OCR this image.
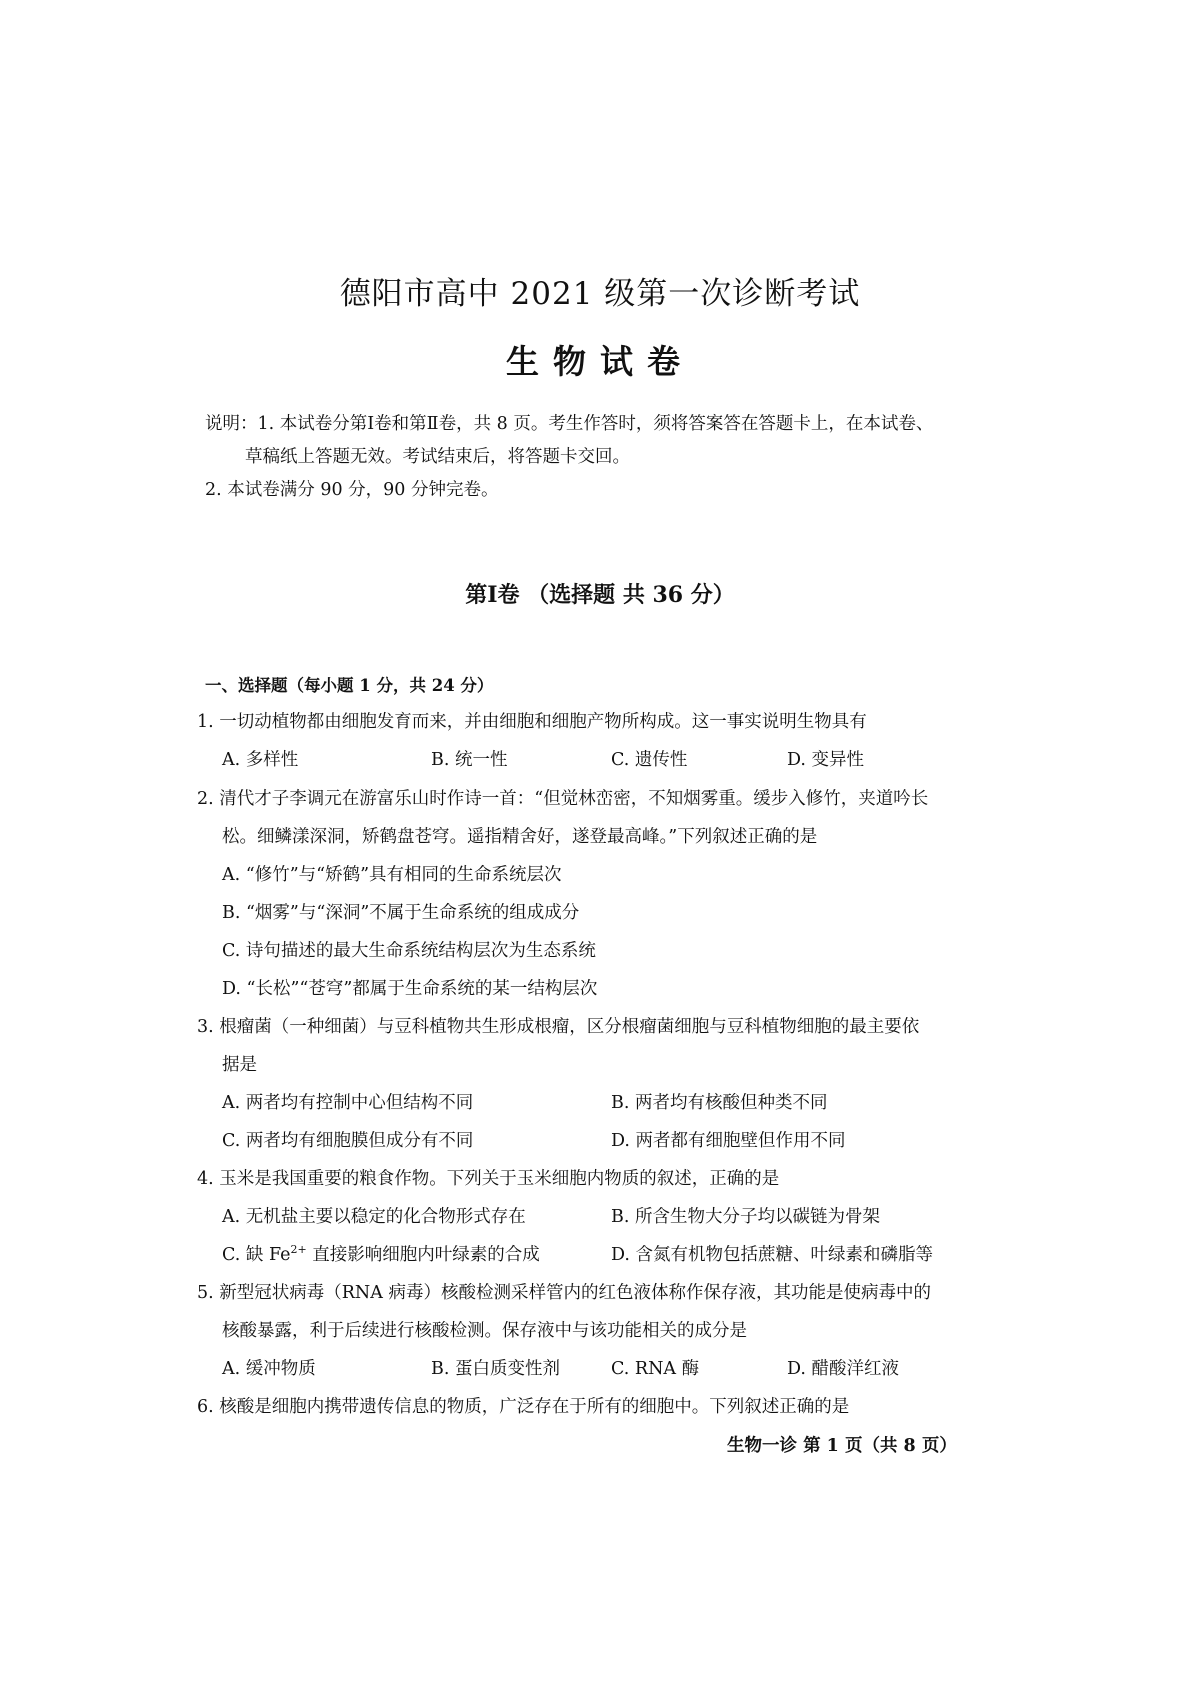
德阳市高中 2021 级第一次诊断考试
生物试卷
说明：1. 本试卷分第Ⅰ卷和第Ⅱ卷，共 8 页。考生作答时，须将答案答在答题卡上，在本试卷、
草稿纸上答题无效。考试结束后，将答题卡交回。
2. 本试卷满分 90 分，90 分钟完卷。
第Ⅰ卷 （选择题 共 36 分）
一、选择题（每小题 1 分，共 24 分）
1. 一切动植物都由细胞发育而来，并由细胞和细胞产物所构成。这一事实说明生物具有
A. 多样性	B. 统一性	C. 遗传性	D. 变异性
2. 清代才子李调元在游富乐山时作诗一首：“但觉林峦密，不知烟雾重。缓步入修竹，夹道吟长
松。细鳞漾深洞，矫鹤盘苍穹。遥指精舍好，遂登最高峰。”下列叙述正确的是
A. “修竹”与“矫鹤”具有相同的生命系统层次
B. “烟雾”与“深洞”不属于生命系统的组成成分
C. 诗句描述的最大生命系统结构层次为生态系统
D. “长松”“苍穹”都属于生命系统的某一结构层次
3. 根瘤菌（一种细菌）与豆科植物共生形成根瘤，区分根瘤菌细胞与豆科植物细胞的最主要依
据是
A. 两者均有控制中心但结构不同	B. 两者均有核酸但种类不同
C. 两者均有细胞膜但成分有不同	D. 两者都有细胞壁但作用不同
4. 玉米是我国重要的粮食作物。下列关于玉米细胞内物质的叙述，正确的是
A. 无机盐主要以稳定的化合物形式存在	B. 所含生物大分子均以碳链为骨架
C. 缺 $Fe^{2+}$ 直接影响细胞内叶绿素的合成	D. 含氮有机物包括蔗糖、叶绿素和磷脂等
5. 新型冠状病毒（RNA 病毒）核酸检测采样管内的红色液体称作保存液，其功能是使病毒中的
核酸暴露，利于后续进行核酸检测。保存液中与该功能相关的成分是
A. 缓冲物质	B. 蛋白质变性剂	C. RNA 酶	D. 醋酸洋红液
6. 核酸是细胞内携带遗传信息的物质，广泛存在于所有的细胞中。下列叙述正确的是
生物一诊 第 1 页（共 8 页）
